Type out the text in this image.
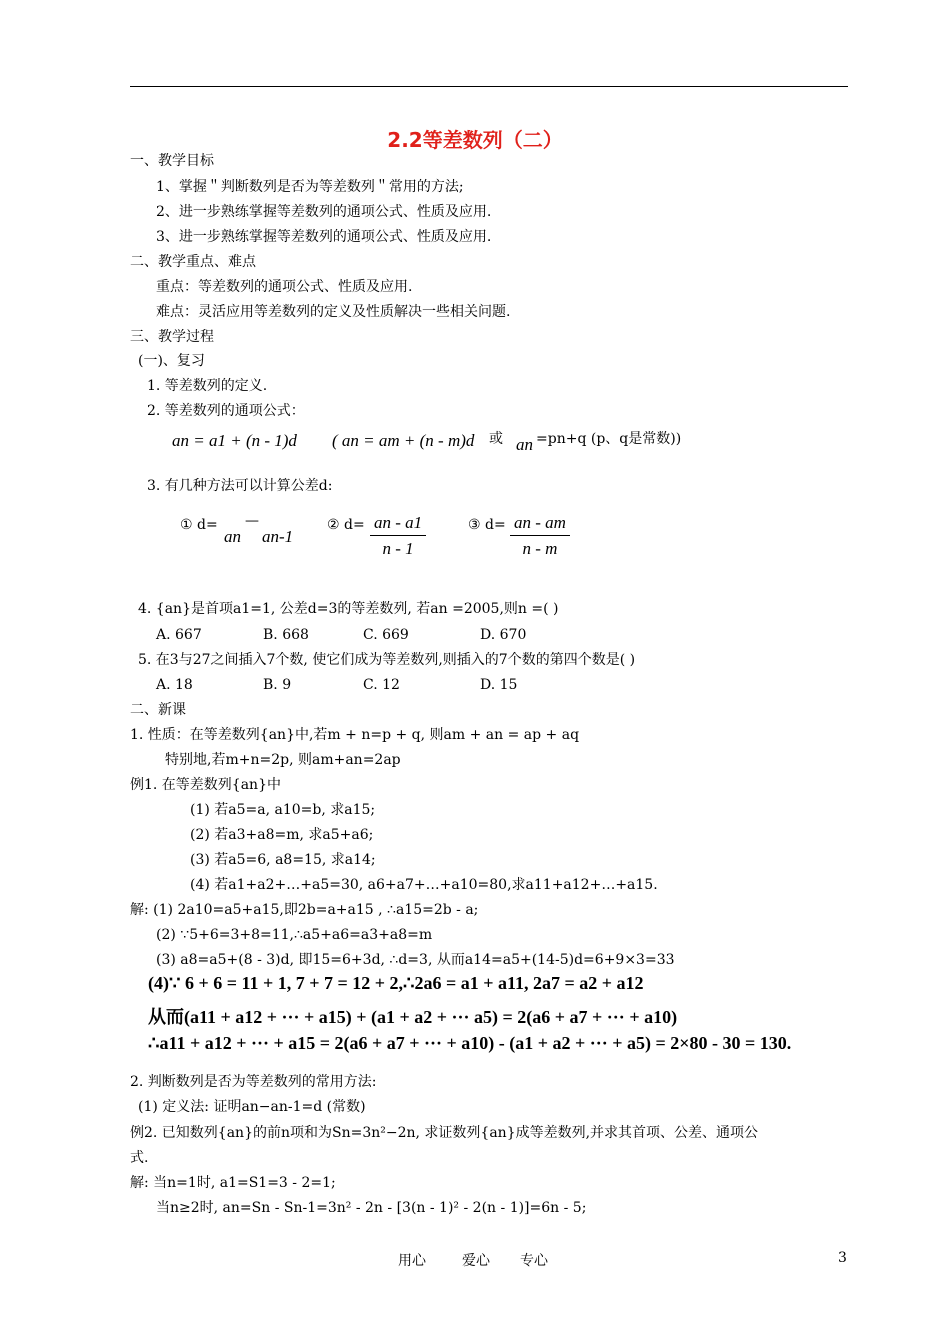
2.2等差数列（二）
一、教学目标
1、掌握＂判断数列是否为等差数列＂常用的方法;
2、进一步熟练掌握等差数列的通项公式、性质及应用.
3、进一步熟练掌握等差数列的通项公式、性质及应用.
二、教学重点、难点
重点：等差数列的通项公式、性质及应用.
难点：灵活应用等差数列的定义及性质解决一些相关问题.
三、教学过程
(一)、复习
1. 等差数列的定义.
2. 等差数列的通项公式：
an = a1 + (n - 1)d ( an = am + (n - m)d 或 an =pn+q (p、q是常数))
3. 有几种方法可以计算公差d:
① d=
an
—
an-1
② $d= \frac{an - a1}{n - 1}$	③ $d= \frac{an - am}{n - m}$
4. {an}是首项a1=1, 公差d=3的等差数列, 若an =2005,则n =( )
A. 667	B. 668	C. 669	D. 670
5. 在3与27之间插入7个数, 使它们成为等差数列,则插入的7个数的第四个数是( )
A. 18	B. 9	C. 12	D. 15
二、新课
1. 性质：在等差数列{an}中,若m + n=p + q, 则am + an = ap + aq
特别地,若m+n=2p, 则am+an=2ap
例1. 在等差数列{an}中
(1) 若a5=a, a10=b, 求a15;
(2) 若a3+a8=m, 求a5+a6;
(3) 若a5=6, a8=15, 求a14;
(4) 若a1+a2+…+a5=30, a6+a7+…+a10=80,求a11+a12+…+a15.
解: (1) 2a10=a5+a15,即2b=a+a15 , ∴a15=2b - a;
(2) ∵5+6=3+8=11,∴a5+a6=a3+a8=m
(3) a8=a5+(8 - 3)d, 即15=6+3d, ∴d=3, 从而a14=a5+(14-5)d=6+9×3=33
(4)∵ 6 + 6 = 11 + 1, 7 + 7 = 12 + 2,∴2a6 = a1 + a11, 2a7 = a2 + a12
从而(a11 + a12 + ··· + a15) + (a1 + a2 + ··· a5) = 2(a6 + a7 + ··· + a10)
∴a11 + a12 + ··· + a15 = 2(a6 + a7 + ··· + a10) - (a1 + a2 + ··· + a5) = 2×80 - 30 = 130.
2. 判断数列是否为等差数列的常用方法:
(1) 定义法: 证明an−an-1=d (常数)
例2. 已知数列{an}的前n项和为Sn=3n²−2n, 求证数列{an}成等差数列,并求其首项、公差、通项公
式.
解: 当n=1时, a1=S1=3 - 2=1;
当n≥2时, an=Sn - Sn-1=3n² - 2n - [3(n - 1)² - 2(n - 1)]=6n - 5;
用心	爱心 专心	3
